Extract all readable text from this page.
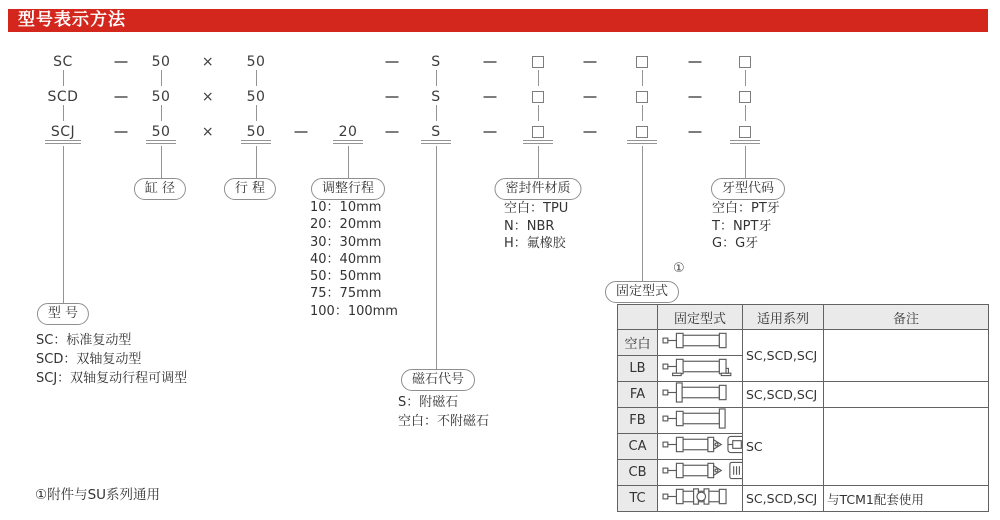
型号表示方法
SC	50 × 50	S
SCD	50 × 50	S
SCJ	50 × 50	20	S
型 号
SC：标准复动型
SCD：双轴复动型
SCJ：双轴复动行程可调型
缸 径	行 程	调整行程
10：10mm
20：20mm
30：30mm
40：40mm
50：50mm
75：75mm
100：100mm
磁石代号
S：附磁石
空白：不附磁石
密封件材质
空白：TPU
N：NBR
H：氟橡胶
固定型式
①
牙型代码
空白：PT牙
T：NPT牙
G：G牙
	固定型式	适用系列	备注
空白		SC,SCD,SCJ	
LB	
FA		SC,SCD,SCJ	
FB		SC	
CA	
CB	
TC		SC,SCD,SCJ	与TCM1配套使用
①附件与SU系列通用
